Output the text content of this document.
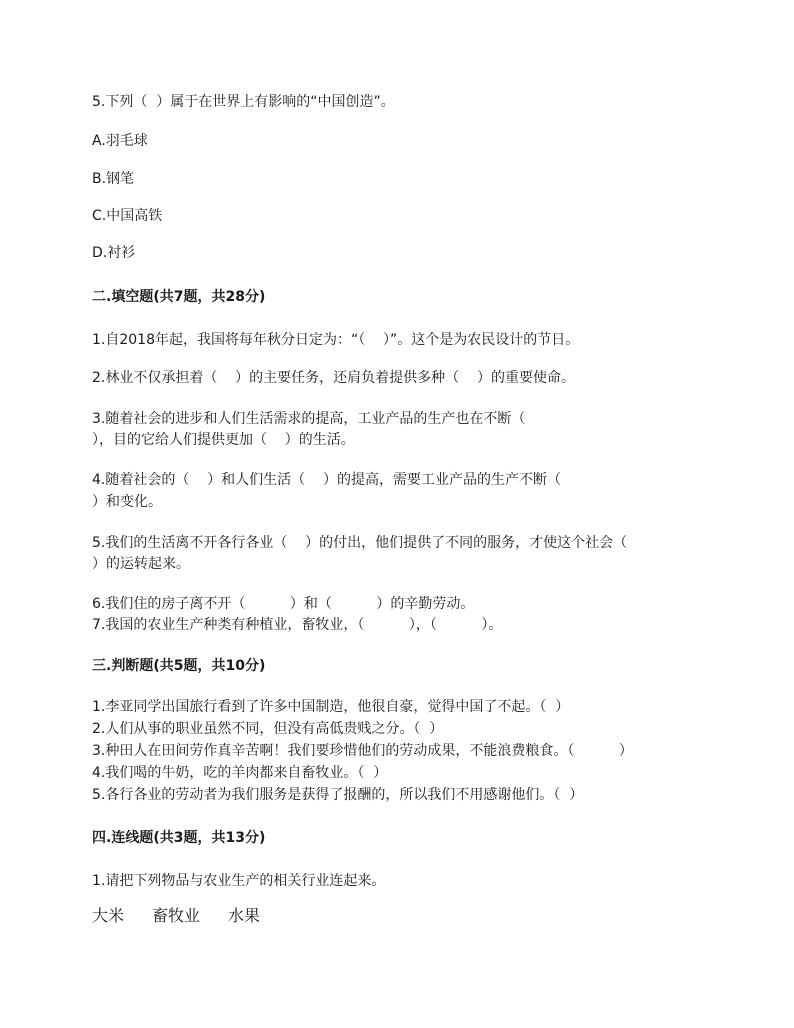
5.下列（  ）属于在世界上有影响的“中国创造”。

A.羽毛球

B.钢笔

C.中国高铁

D.衬衫

二.填空题(共7题，共28分)

1.自2018年起，我国将每年秋分日定为：“（    ）”。这个是为农民设计的节日。

2.林业不仅承担着（    ）的主要任务，还肩负着提供多种（    ）的重要使命。

3.随着社会的进步和人们生活需求的提高，工业产品的生产也在不断（

），目的它给人们提供更加（    ）的生活。

4.随着社会的（    ）和人们生活（    ）的提高，需要工业产品的生产不断（

）和变化。

5.我们的生活离不开各行各业（    ）的付出，他们提供了不同的服务，才使这个社会（

）的运转起来。

6.我们住的房子离不开（          ）和（          ）的辛勤劳动。

7.我国的农业生产种类有种植业，畜牧业，（          ），（          ）。

三.判断题(共5题，共10分)

1.李亚同学出国旅行看到了许多中国制造，他很自豪，觉得中国了不起。（  ）

2.人们从事的职业虽然不同，但没有高低贵贱之分。（  ）

3.种田人在田间劳作真辛苦啊！我们要珍惜他们的劳动成果，不能浪费粮食。（          ）

4.我们喝的牛奶，吃的羊肉都来自畜牧业。（  ）

5.各行各业的劳动者为我们服务是获得了报酬的，所以我们不用感谢他们。（  ）

四.连线题(共3题，共13分)

1.请把下列物品与农业生产的相关行业连起来。

大米

畜牧业

水果
